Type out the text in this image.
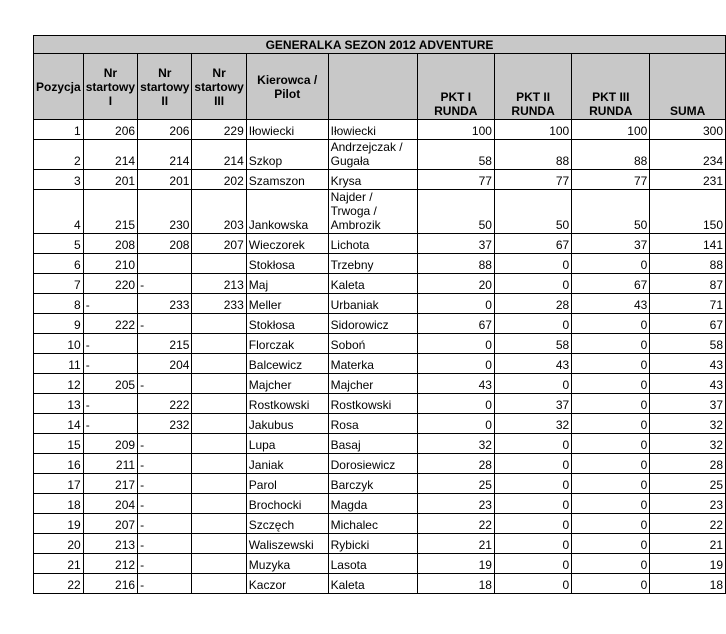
GENERALKA SEZON 2012 ADVENTURE									
Pozycja	Nr startowy I	Nr startowy II	Nr startowy III	Kierowca / Pilot		PKT I RUNDA	PKT II RUNDA	PKT III RUNDA	SUMA
1	206	206	229	Iłowiecki	Iłowiecki	100	100	100	300
2	214	214	214	Szkop	Andrzejczak / Gugała	58	88	88	234
3	201	201	202	Szamszon	Krysa	77	77	77	231
4	215	230	203	Jankowska	Najder / Trwoga / Ambrozik	50	50	50	150
5	208	208	207	Wieczorek	Lichota	37	67	37	141
6	210			Stokłosa	Trzebny	88	0	0	88
7	220	-	213	Maj	Kaleta	20	0	67	87
8	-	233	233	Meller	Urbaniak	0	28	43	71
9	222	-		Stokłosa	Sidorowicz	67	0	0	67
10	-	215		Florczak	Soboń	0	58	0	58
11	-	204		Balcewicz	Materka	0	43	0	43
12	205	-		Majcher	Majcher	43	0	0	43
13	-	222		Rostkowski	Rostkowski	0	37	0	37
14	-	232		Jakubus	Rosa	0	32	0	32
15	209	-		Lupa	Basaj	32	0	0	32
16	211	-		Janiak	Dorosiewicz	28	0	0	28
17	217	-		Parol	Barczyk	25	0	0	25
18	204	-		Brochocki	Magda	23	0	0	23
19	207	-		Szczęch	Michalec	22	0	0	22
20	213	-		Waliszewski	Rybicki	21	0	0	21
21	212	-		Muzyka	Lasota	19	0	0	19
22	216	-		Kaczor	Kaleta	18	0	0	18
